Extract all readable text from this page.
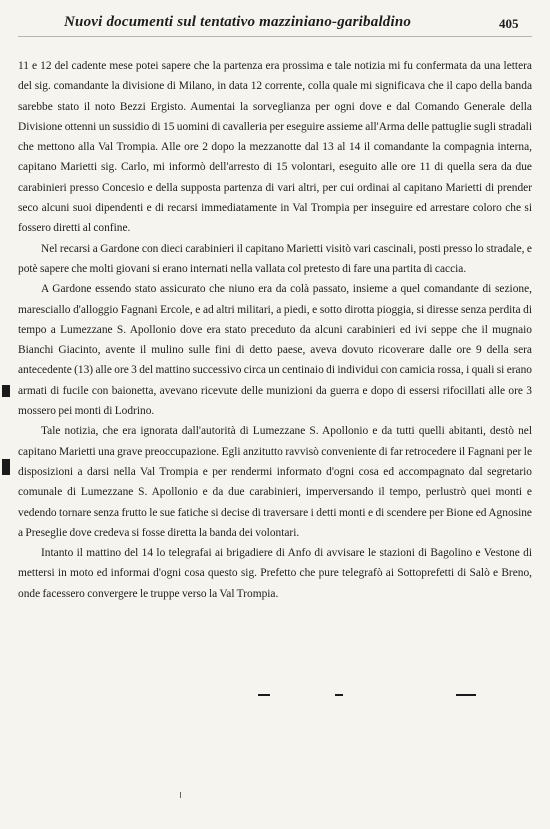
Nuovi documenti sul tentativo mazziniano-garibaldino	405

11 e 12 del cadente mese potei sapere che la partenza era prossima e tale notizia mi fu confermata da una lettera del sig. comandante la divisione di Milano, in data 12 corrente, colla quale mi significava che il capo della banda sarebbe stato il noto Bezzi Ergisto. Aumentai la sorveglianza per ogni dove e dal Comando Generale della Divisione ottenni un sussidio di 15 uomini di cavalleria per eseguire assieme all'Arma delle pattuglie sugli stradali che mettono alla Val Trompia. Alle ore 2 dopo la mezzanotte dal 13 al 14 il comandante la compagnia interna, capitano Marietti sig. Carlo, mi informò dell'arresto di 15 volontari, eseguito alle ore 11 di quella sera da due carabinieri presso Concesio e della supposta partenza di vari altri, per cui ordinai al capitano Marietti di prender seco alcuni suoi dipendenti e di recarsi immediatamente in Val Trompia per inseguire ed arrestare coloro che si fossero diretti al confine.

Nel recarsi a Gardone con dieci carabinieri il capitano Marietti visitò vari cascinali, posti presso lo stradale, e potè sapere che molti giovani si erano internati nella vallata col pretesto di fare una partita di caccia.

A Gardone essendo stato assicurato che niuno era da colà passato, insieme a quel comandante di sezione, maresciallo d'alloggio Fagnani Ercole, e ad altri militari, a piedi, e sotto dirotta pioggia, si diresse senza perdita di tempo a Lumezzane S. Apollonio dove era stato preceduto da alcuni carabinieri ed ivi seppe che il mugnaio Bianchi Giacinto, avente il mulino sulle fini di detto paese, aveva dovuto ricoverare dalle ore 9 della sera antecedente (13) alle ore 3 del mattino successivo circa un centinaio di individui con camicia rossa, i quali si erano armati di fucile con baionetta, avevano ricevute delle munizioni da guerra e dopo di essersi rifocillati alle ore 3 mossero pei monti di Lodrino.

Tale notizia, che era ignorata dall'autorità di Lumezzane S. Apollonio e da tutti quelli abitanti, destò nel capitano Marietti una grave preoccupazione. Egli anzitutto ravvisò conveniente di far retrocedere il Fagnani per le disposizioni a darsi nella Val Trompia e per rendermi informato d'ogni cosa ed accompagnato dal segretario comunale di Lumezzane S. Apollonio e da due carabinieri, imperversando il tempo, perlustrò quei monti e vedendo tornare senza frutto le sue fatiche si decise di traversare i detti monti e di scendere per Bione ed Agnosine a Preseglie dove credeva si fosse diretta la banda dei volontari.

Intanto il mattino del 14 lo telegrafai ai brigadiere di Anfo di avvisare le stazioni di Bagolino e Vestone di mettersi in moto ed informai d'ogni cosa questo sig. Prefetto che pure telegrafò ai Sottoprefetti di Salò e Breno, onde facessero convergere le truppe verso la Val Trompia.
